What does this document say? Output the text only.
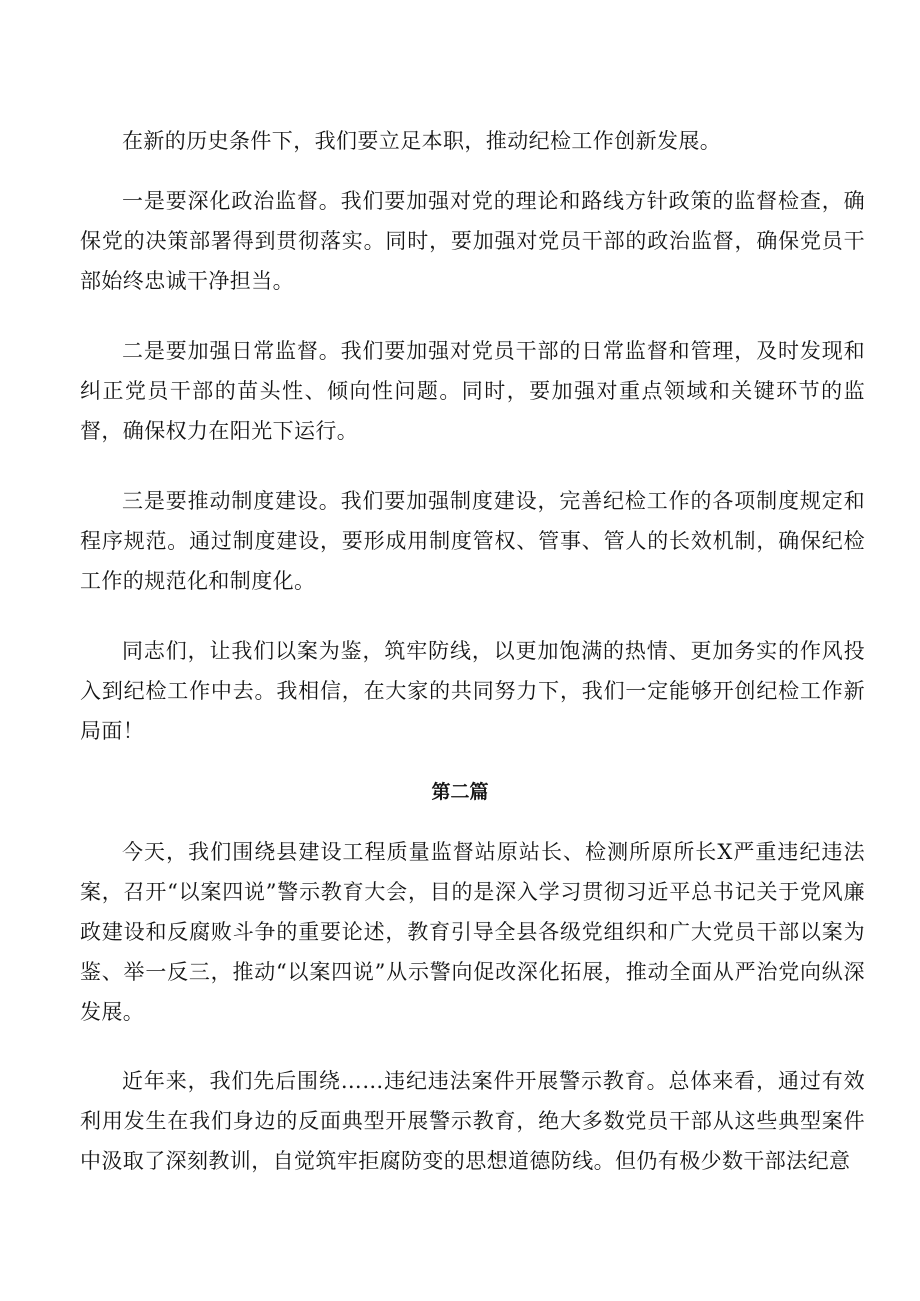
在新的历史条件下，我们要立足本职，推动纪检工作创新发展。

一是要深化政治监督。我们要加强对党的理论和路线方针政策的监督检查，确保党的决策部署得到贯彻落实。同时，要加强对党员干部的政治监督，确保党员干部始终忠诚干净担当。

二是要加强日常监督。我们要加强对党员干部的日常监督和管理，及时发现和纠正党员干部的苗头性、倾向性问题。同时，要加强对重点领域和关键环节的监督，确保权力在阳光下运行。

三是要推动制度建设。我们要加强制度建设，完善纪检工作的各项制度规定和程序规范。通过制度建设，要形成用制度管权、管事、管人的长效机制，确保纪检工作的规范化和制度化。

同志们，让我们以案为鉴，筑牢防线，以更加饱满的热情、更加务实的作风投入到纪检工作中去。我相信，在大家的共同努力下，我们一定能够开创纪检工作新局面！

第二篇

今天，我们围绕县建设工程质量监督站原站长、检测所原所长X严重违纪违法案，召开“以案四说”警示教育大会，目的是深入学习贯彻习近平总书记关于党风廉政建设和反腐败斗争的重要论述，教育引导全县各级党组织和广大党员干部以案为鉴、举一反三，推动“以案四说”从示警向促改深化拓展，推动全面从严治党向纵深发展。

近年来，我们先后围绕……违纪违法案件开展警示教育。总体来看，通过有效利用发生在我们身边的反面典型开展警示教育，绝大多数党员干部从这些典型案件中汲取了深刻教训，自觉筑牢拒腐防变的思想道德防线。但仍有极少数干部法纪意
